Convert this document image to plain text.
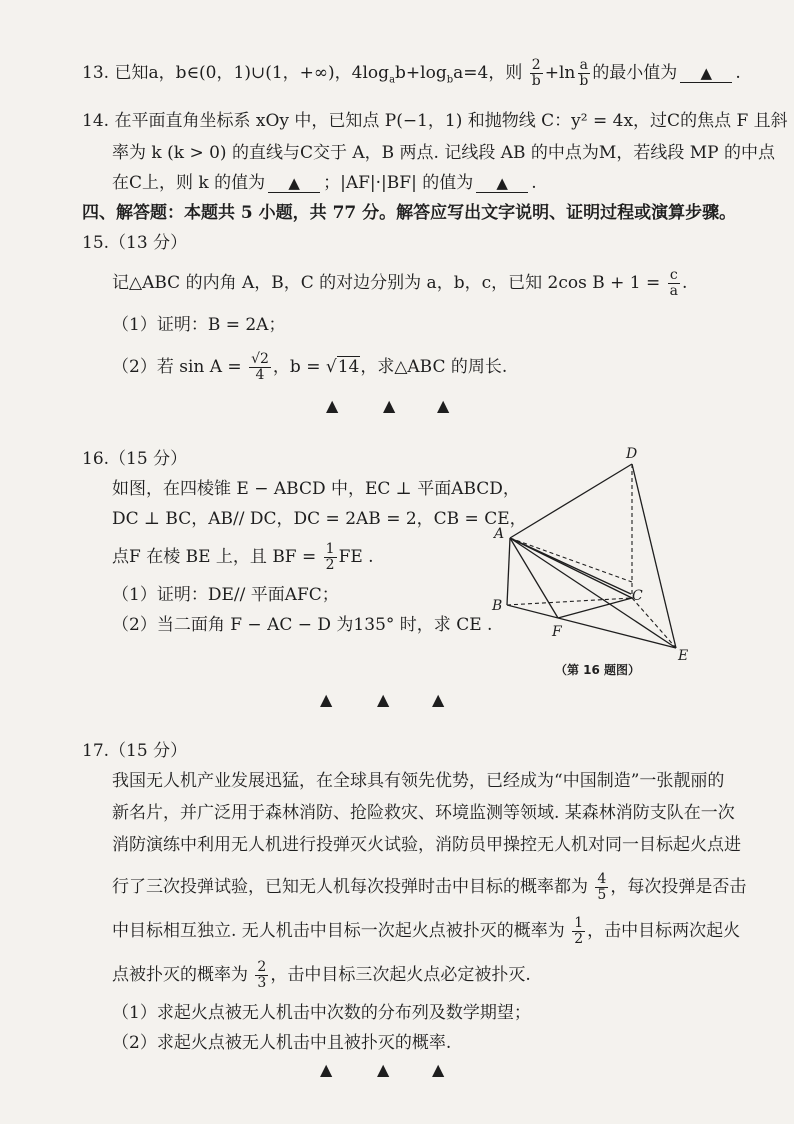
13. 已知a，b∈(0，1)∪(1，+∞)，$4\log_ab+\log_ba=4$，则 $\frac{2}{b} +\ln \frac{a}{b}$ 的最小值为 ▲ .
14. 在平面直角坐标系 xOy 中，已知点 P(−1，1) 和抛物线 C：y² = 4x，过C的焦点 F 且斜
率为 k (k > 0) 的直线与C交于 A，B 两点. 记线段 AB 的中点为M，若线段 MP 的中点
在C上，则 k 的值为 ▲ ；|AF|·|BF| 的值为 ▲ .
四、解答题：本题共 5 小题，共 77 分。解答应写出文字说明、证明过程或演算步骤。
15.（13 分）
记△ABC 的内角 A，B，C 的对边分别为 a，b，c，已知 2cos $B + 1 = \frac{c}{a}$ .
（1）证明：B = 2A；
（2）若 $\sin A = \frac{√2}{4}$ ，b = √14，求△ABC 的周长.
▲	▲	▲
16.（15 分）
如图，在四棱锥 E − ABCD 中，EC ⊥ 平面ABCD，
DC ⊥ BC，AB// DC，DC = 2AB = 2，CB = CE，
点F 在棱 BE 上，且 BF = $\frac{1}{2}$ FE .
（1）证明：DE// 平面AFC；
（2）当二面角 F − AC − D 为135° 时，求 CE .
D
A
B
C
F
E
（第 16 题图）
▲	▲	▲
17.（15 分）
我国无人机产业发展迅猛，在全球具有领先优势，已经成为“中国制造”一张靓丽的
新名片，并广泛用于森林消防、抢险救灾、环境监测等领域. 某森林消防支队在一次
消防演练中利用无人机进行投弹灭火试验，消防员甲操控无人机对同一目标起火点进
行了三次投弹试验，已知无人机每次投弹时击中目标的概率都为 $\frac{4}{5}$ ，每次投弹是否击
中目标相互独立. 无人机击中目标一次起火点被扑灭的概率为 $\frac{1}{2}$ ，击中目标两次起火
点被扑灭的概率为 $\frac{2}{3}$ ，击中目标三次起火点必定被扑灭.
（1）求起火点被无人机击中次数的分布列及数学期望；
（2）求起火点被无人机击中且被扑灭的概率.
▲	▲	▲
